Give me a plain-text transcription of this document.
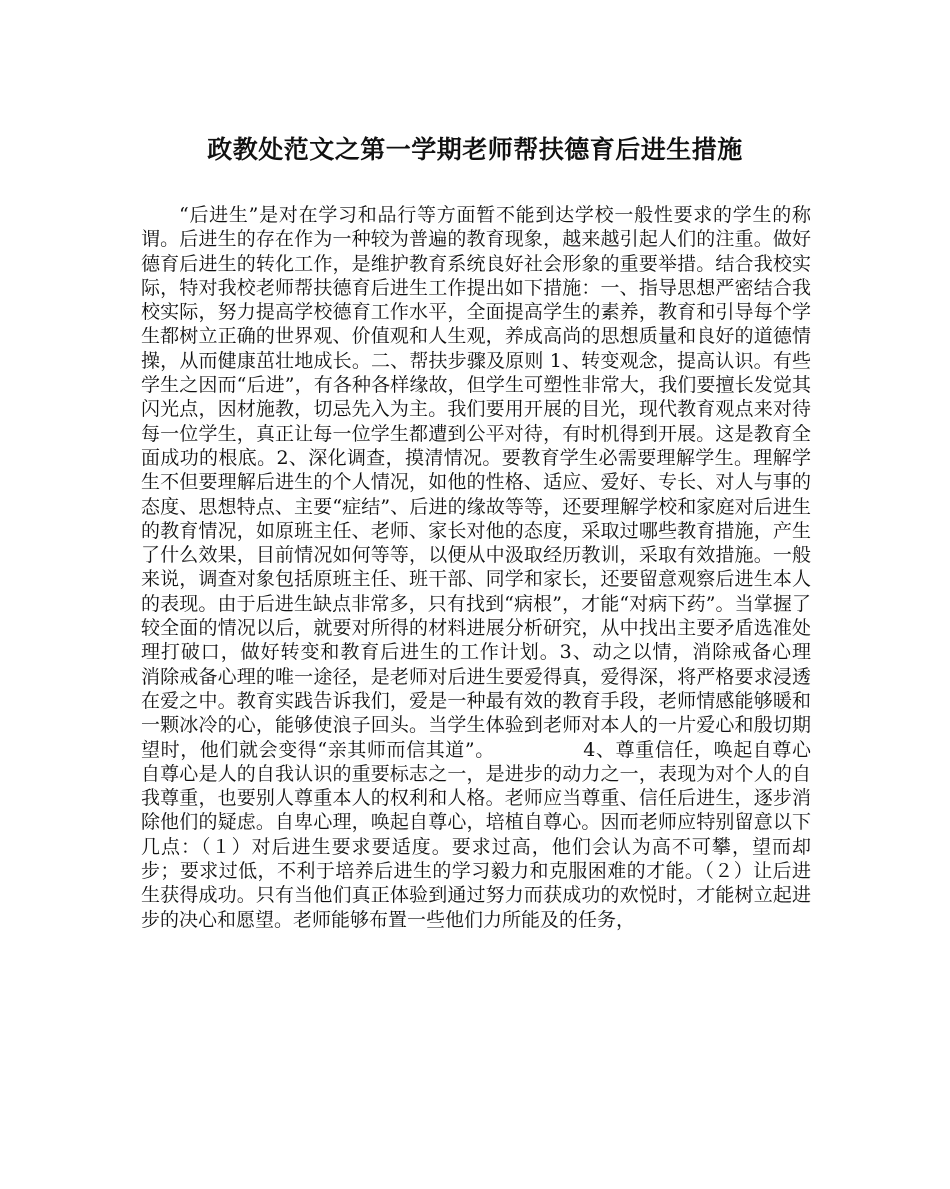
政教处范文之第一学期老师帮扶德育后进生措施

“后进生”是对在学习和品行等方面暂不能到达学校一般性要求的学生的称谓。后进生的存在作为一种较为普遍的教育现象，越来越引起人们的注重。做好德育后进生的转化工作，是维护教育系统良好社会形象的重要举措。结合我校实际，特对我校老师帮扶德育后进生工作提出如下措施：一、指导思想严密结合我校实际，努力提高学校德育工作水平，全面提高学生的素养，教育和引导每个学生都树立正确的世界观、价值观和人生观，养成高尚的思想质量和良好的道德情操，从而健康茁壮地成长。二、帮扶步骤及原则 1、转变观念，提高认识。有些学生之因而“后进”，有各种各样缘故，但学生可塑性非常大，我们要擅长发觉其闪光点，因材施教，切忌先入为主。我们要用开展的目光，现代教育观点来对待每一位学生，真正让每一位学生都遭到公平对待，有时机得到开展。这是教育全面成功的根底。2、深化调查，摸清情况。要教育学生必需要理解学生。理解学生不但要理解后进生的个人情况，如他的性格、适应、爱好、专长、对人与事的态度、思想特点、主要“症结”、后进的缘故等等，还要理解学校和家庭对后进生的教育情况，如原班主任、老师、家长对他的态度，采取过哪些教育措施，产生了什么效果，目前情况如何等等，以便从中汲取经历教训，采取有效措施。一般来说，调查对象包括原班主任、班干部、同学和家长，还要留意观察后进生本人的表现。由于后进生缺点非常多，只有找到“病根”，才能“对病下药”。当掌握了较全面的情况以后，就要对所得的材料进展分析研究，从中找出主要矛盾选准处理打破口，做好转变和教育后进生的工作计划。3、动之以情，消除戒备心理　　　　　消除戒备心理的唯一途径，是老师对后进生要爱得真，爱得深，将严格要求浸透在爱之中。教育实践告诉我们，爱是一种最有效的教育手段，老师情感能够暖和一颗冰冷的心，能够使浪子回头。当学生体验到老师对本人的一片爱心和殷切期望时，他们就会变得“亲其师而信其道”。　　　　　4、尊重信任，唤起自尊心　　　　　　自尊心是人的自我认识的重要标志之一，是进步的动力之一，表现为对个人的自我尊重，也要别人尊重本人的权利和人格。老师应当尊重、信任后进生，逐步消除他们的疑虑。自卑心理，唤起自尊心，培植自尊心。因而老师应特别留意以下几点：（１）对后进生要求要适度。要求过高，他们会认为高不可攀，望而却步；要求过低，不利于培养后进生的学习毅力和克服困难的才能。（２）让后进生获得成功。只有当他们真正体验到通过努力而获成功的欢悦时，才能树立起进步的决心和愿望。老师能够布置一些他们力所能及的任务，
